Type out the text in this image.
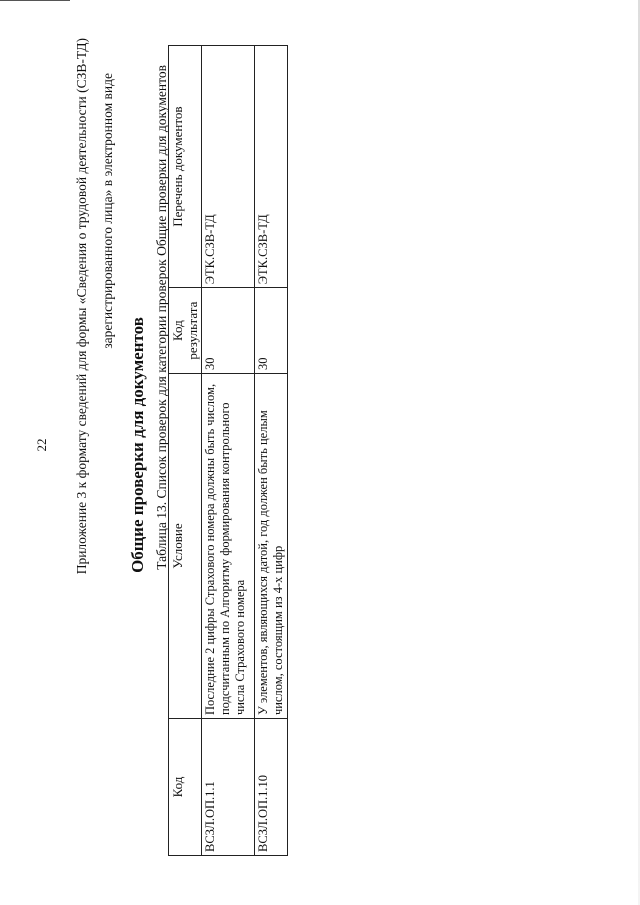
22 Приложение 3 к формату сведений для формы «Сведения о трудовой деятельности (СЗВ-ТД) зарегистрированного лица» в электронном виде
Общие проверки для документов Таблица 13. Список проверок для категории проверок Общие проверки для документов
Код	Условие	Код результата	Перечень документов
ВСЗЛ.ОП.1.1	Последние 2 цифры Страхового номера должны быть числом, подсчитанным по Алгоритму формирования контрольного числа Страхового номера	30	ЭТК.СЗВ-ТД
ВСЗЛ.ОП.1.10	У элементов, являющихся датой, год должен быть целым числом, состоящим из 4-х цифр	30	ЭТК.СЗВ-ТД
